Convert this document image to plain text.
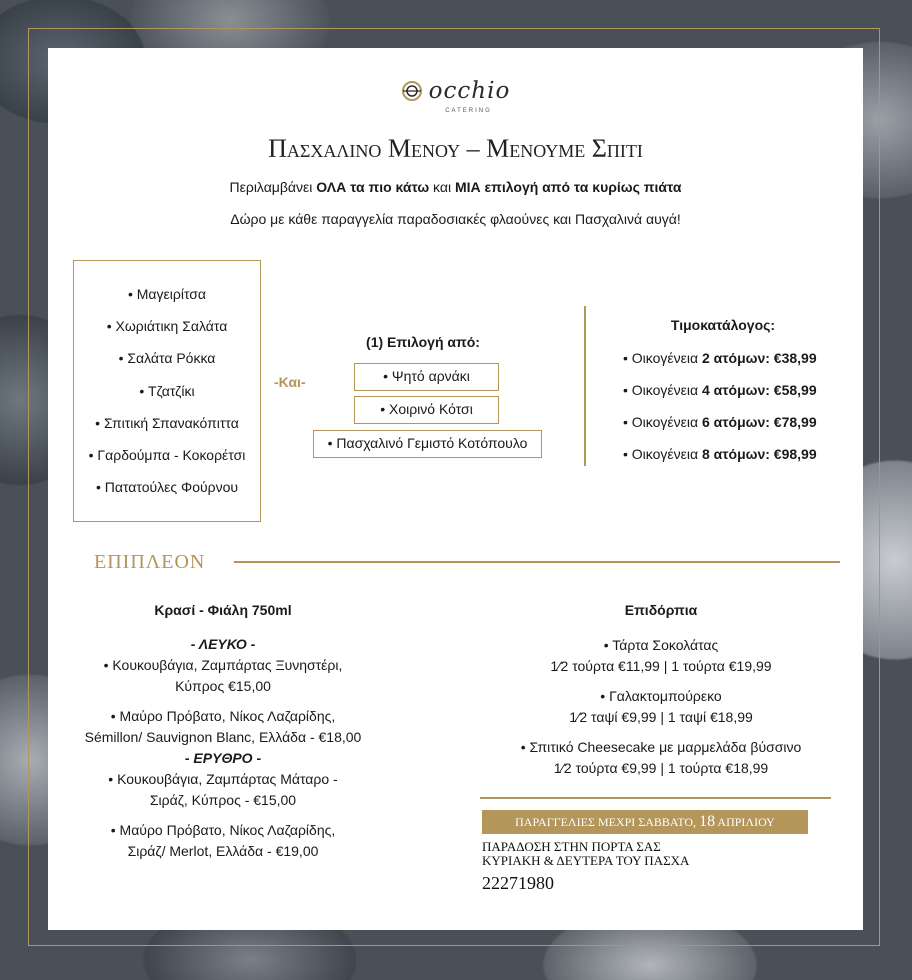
occhio
CATERING
Πασχαλινο Μενου – Μενουμε Σπιτι
Περιλαμβάνει ΟΛΑ τα πιο κάτω και ΜΙΑ επιλογή από τα κυρίως πιάτα
Δώρο με κάθε παραγγελία παραδοσιακές φλαούνες και Πασχαλινά αυγά!
• Μαγειρίτσα
• Χωριάτικη Σαλάτα
• Σαλάτα Ρόκκα
• Τζατζίκι
• Σπιτική Σπανακόπιττα
• Γαρδούμπα - Κοκορέτσι
• Πατατούλες Φούρνου
-Και-
(1) Επιλογή από:
• Ψητό αρνάκι
• Χοιρινό Κότσι
• Πασχαλινό Γεμιστό Κοτόπουλο
Τιμοκατάλογος:
• Οικογένεια 2 ατόμων: €38,99
• Οικογένεια 4 ατόμων: €58,99
• Οικογένεια 6 ατόμων: €78,99
• Οικογένεια 8 ατόμων: €98,99
ΕΠΙΠΛΕΟΝ
Κρασί - Φιάλη 750ml
- ΛΕΥΚΟ -
• Κουκουβάγια, Ζαμπάρτας Ξυνηστέρι,
Κύπρος €15,00
• Μαύρο Πρόβατο, Νίκος Λαζαρίδης,
Sémillon/ Sauvignon Blanc, Ελλάδα - €18,00
- ΕΡΥΘΡΟ -
• Κουκουβάγια, Ζαμπάρτας Μάταρο -
Σιράζ, Κύπρος - €15,00
• Μαύρο Πρόβατο, Νίκος Λαζαρίδης,
Σιράζ/ Merlot, Ελλάδα - €19,00
Επιδόρπια
• Τάρτα Σοκολάτας
1⁄2 τούρτα €11,99 | 1 τούρτα €19,99
• Γαλακτομπούρεκο
1⁄2 ταψί €9,99 | 1 ταψί €18,99
• Σπιτικό Cheesecake με μαρμελάδα βύσσινο
1⁄2 τούρτα €9,99 | 1 τούρτα €18,99
ΠΑΡΑΓΓΕΛΙΕΣ ΜΕΧΡΙ ΣΑΒΒΑΤΟ, 18 ΑΠΡΙΛΙΟΥ
ΠΑΡΑΔΟΣΗ ΣΤΗΝ ΠΟΡΤΑ ΣΑΣ
ΚΥΡΙΑΚΗ & ΔΕΥΤΕΡΑ ΤΟΥ ΠΑΣΧΑ
22271980
